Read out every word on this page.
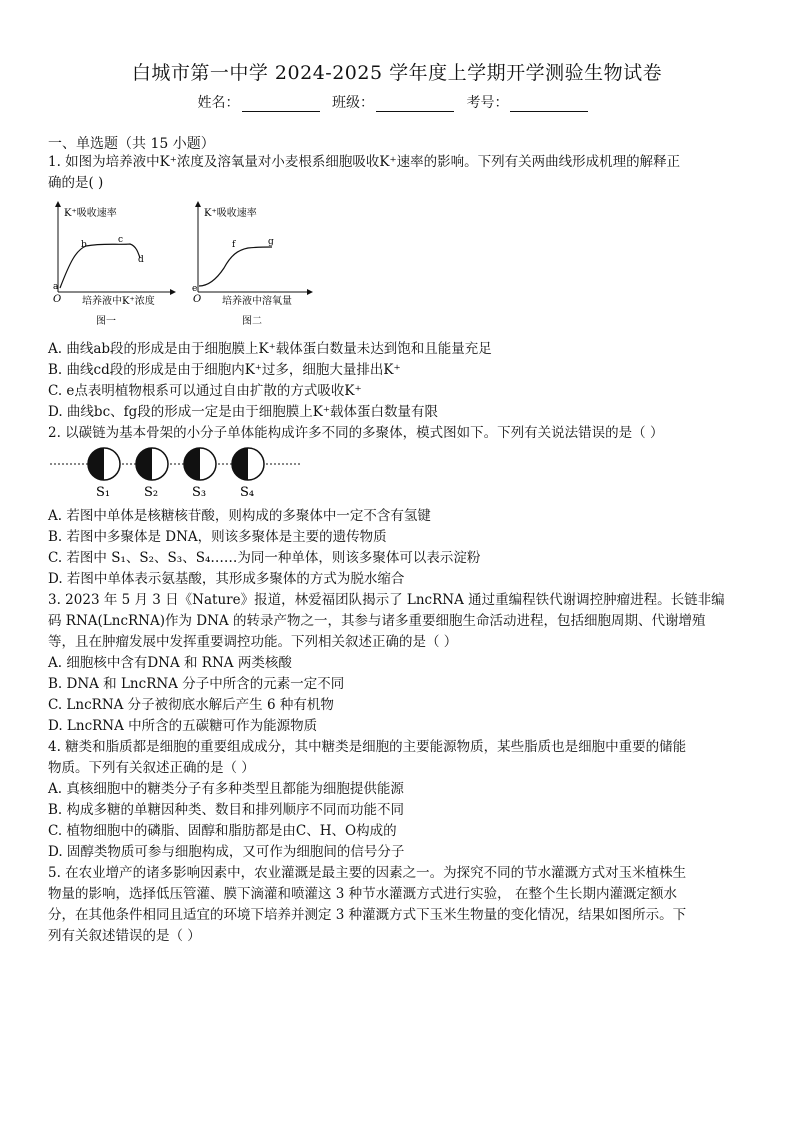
白城市第一中学 2024-2025 学年度上学期开学测验生物试卷
姓名：	班级：	考号：
一、单选题（共 15 小题）
1. 如图为培养液中K⁺浓度及溶氧量对小麦根系细胞吸收K⁺速率的影响。下列有关两曲线形成机理的解释正
确的是( )
K⁺吸收速率
O 培养液中K⁺浓度
图一
a
b	c
d
K⁺吸收速率
O 培养液中溶氧量
图二
e
f	g
A. 曲线ab段的形成是由于细胞膜上K⁺载体蛋白数量未达到饱和且能量充足
B. 曲线cd段的形成是由于细胞内K⁺过多，细胞大量排出K⁺
C. e点表明植物根系可以通过自由扩散的方式吸收K⁺
D. 曲线bc、fg段的形成一定是由于细胞膜上K⁺载体蛋白数量有限
2. 以碳链为基本骨架的小分子单体能构成许多不同的多聚体，模式图如下。下列有关说法错误的是（ ）
S₁	S₂	S₃	S₄
A. 若图中单体是核糖核苷酸，则构成的多聚体中一定不含有氢键
B. 若图中多聚体是 DNA，则该多聚体是主要的遗传物质
C. 若图中 S₁、S₂、S₃、S₄……为同一种单体，则该多聚体可以表示淀粉
D. 若图中单体表示氨基酸，其形成多聚体的方式为脱水缩合
3. 2023 年 5 月 3 日《Nature》报道，林爱福团队揭示了 LncRNA 通过重编程铁代谢调控肿瘤进程。长链非编
码 RNA(LncRNA)作为 DNA 的转录产物之一，其参与诸多重要细胞生命活动进程，包括细胞周期、代谢增殖
等，且在肿瘤发展中发挥重要调控功能。下列相关叙述正确的是（ ）
A. 细胞核中含有DNA 和 RNA 两类核酸
B. DNA 和 LncRNA 分子中所含的元素一定不同
C. LncRNA 分子被彻底水解后产生 6 种有机物
D. LncRNA 中所含的五碳糖可作为能源物质
4. 糖类和脂质都是细胞的重要组成成分，其中糖类是细胞的主要能源物质，某些脂质也是细胞中重要的储能
物质。下列有关叙述正确的是（ ）
A. 真核细胞中的糖类分子有多种类型且都能为细胞提供能源
B. 构成多糖的单糖因种类、数目和排列顺序不同而功能不同
C. 植物细胞中的磷脂、固醇和脂肪都是由C、H、O构成的
D. 固醇类物质可参与细胞构成，又可作为细胞间的信号分子
5. 在农业增产的诸多影响因素中，农业灌溉是最主要的因素之一。为探究不同的节水灌溉方式对玉米植株生
物量的影响，选择低压管灌、膜下滴灌和喷灌这 3 种节水灌溉方式进行实验， 在整个生长期内灌溉定额水
分，在其他条件相同且适宜的环境下培养并测定 3 种灌溉方式下玉米生物量的变化情况，结果如图所示。下
列有关叙述错误的是（ ）
